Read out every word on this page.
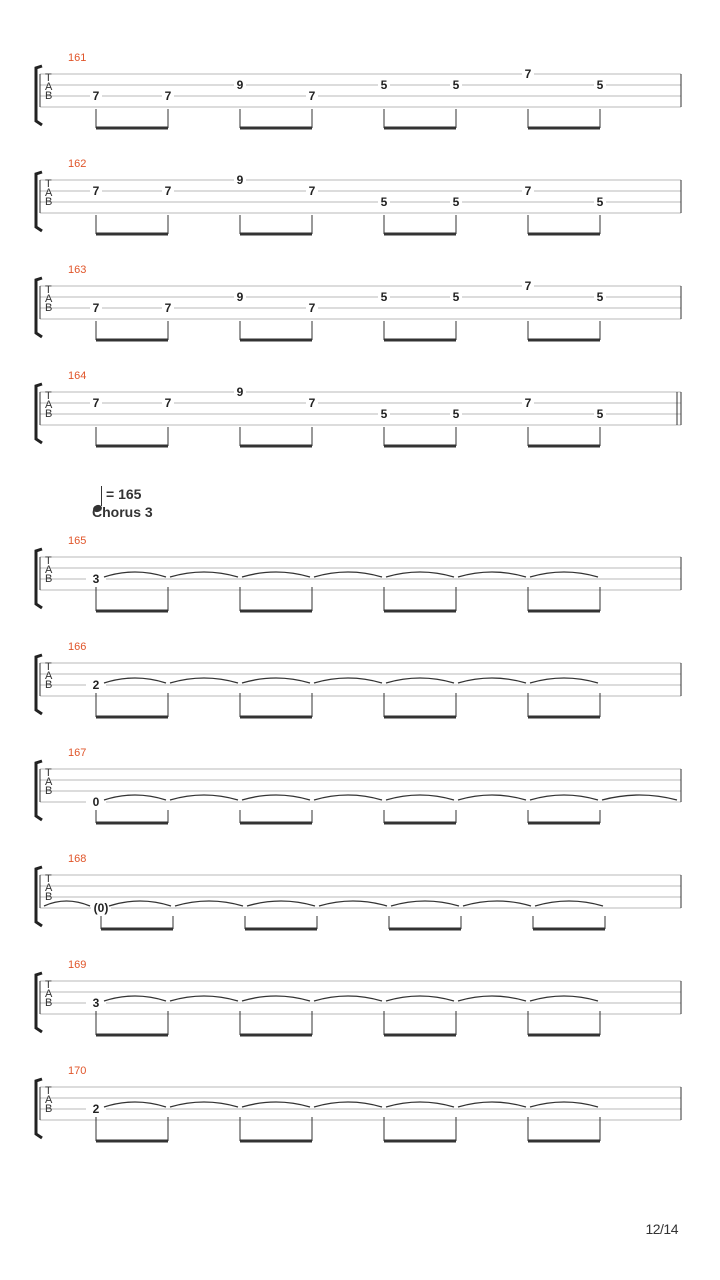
161
T
A
B	7	7
9
7
5	5
7
5
162
T
A
B
7	7
9
7
5	5
7
5
163
T
A
B	7	7
9
7
5	5
7
5
164
T
A
B
7	7
9
7
5	5
7
5
165
T
A
B	3
166
T
A
B	2
167
T
A
B
0
168
T
A
B
(0)
169
T
A
B	3
170
T
A
B	2
= 165
Chorus 3
12/14
